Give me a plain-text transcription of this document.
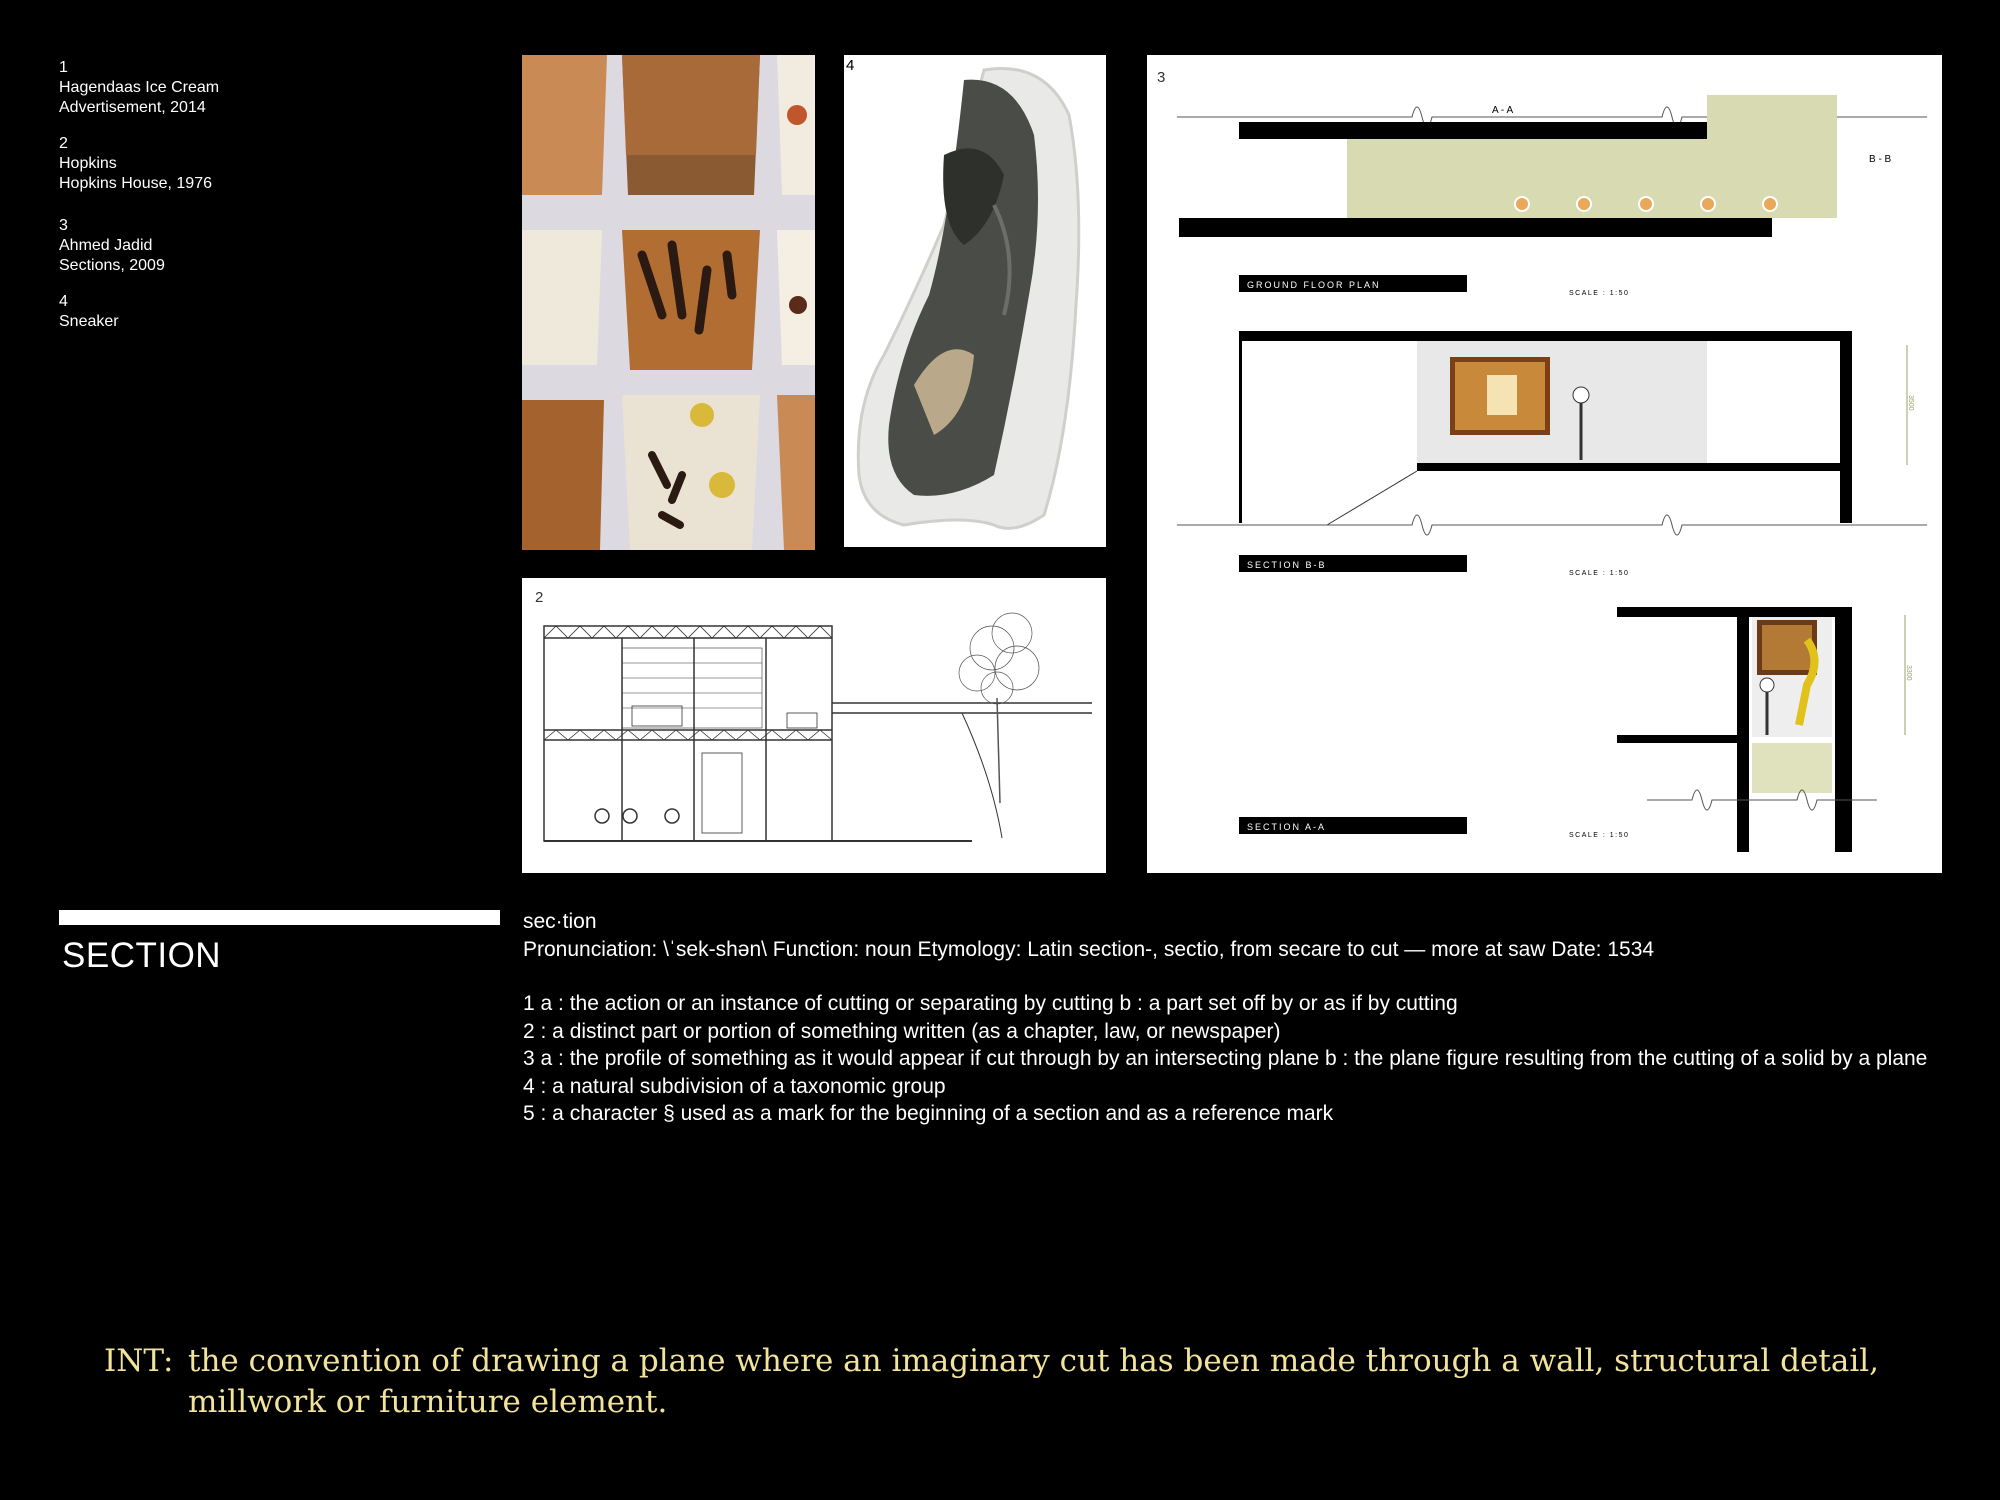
1
Hagendaas Ice Cream
Advertisement, 2014
2
Hopkins
Hopkins House, 1976
3
Ahmed Jadid
Sections, 2009
4
Sneaker
4
2
3
A - A
B - B
GROUND FLOOR PLAN
SCALE : 1:50
3500
SECTION B-B
SCALE : 1:50
3300
SECTION A-A
SCALE : 1:50
SECTION
sec·tion
Pronunciation: \ˈsek-shən\ Function: noun Etymology: Latin section-, sectio, from secare to cut — more at saw Date: 1534
1 a : the action or an instance of cutting or separating by cutting b : a part set off by or as if by cutting
2 : a distinct part or portion of something written (as a chapter, law, or newspaper)
3 a : the profile of something as it would appear if cut through by an intersecting plane b : the plane figure resulting from the cutting of a solid by a plane
4 : a natural subdivision of a taxonomic group
5 : a character § used as a mark for the beginning of a section and as a reference mark
INT: the convention of drawing a plane where an imaginary cut has been made through a wall, structural detail, millwork or furniture element.
